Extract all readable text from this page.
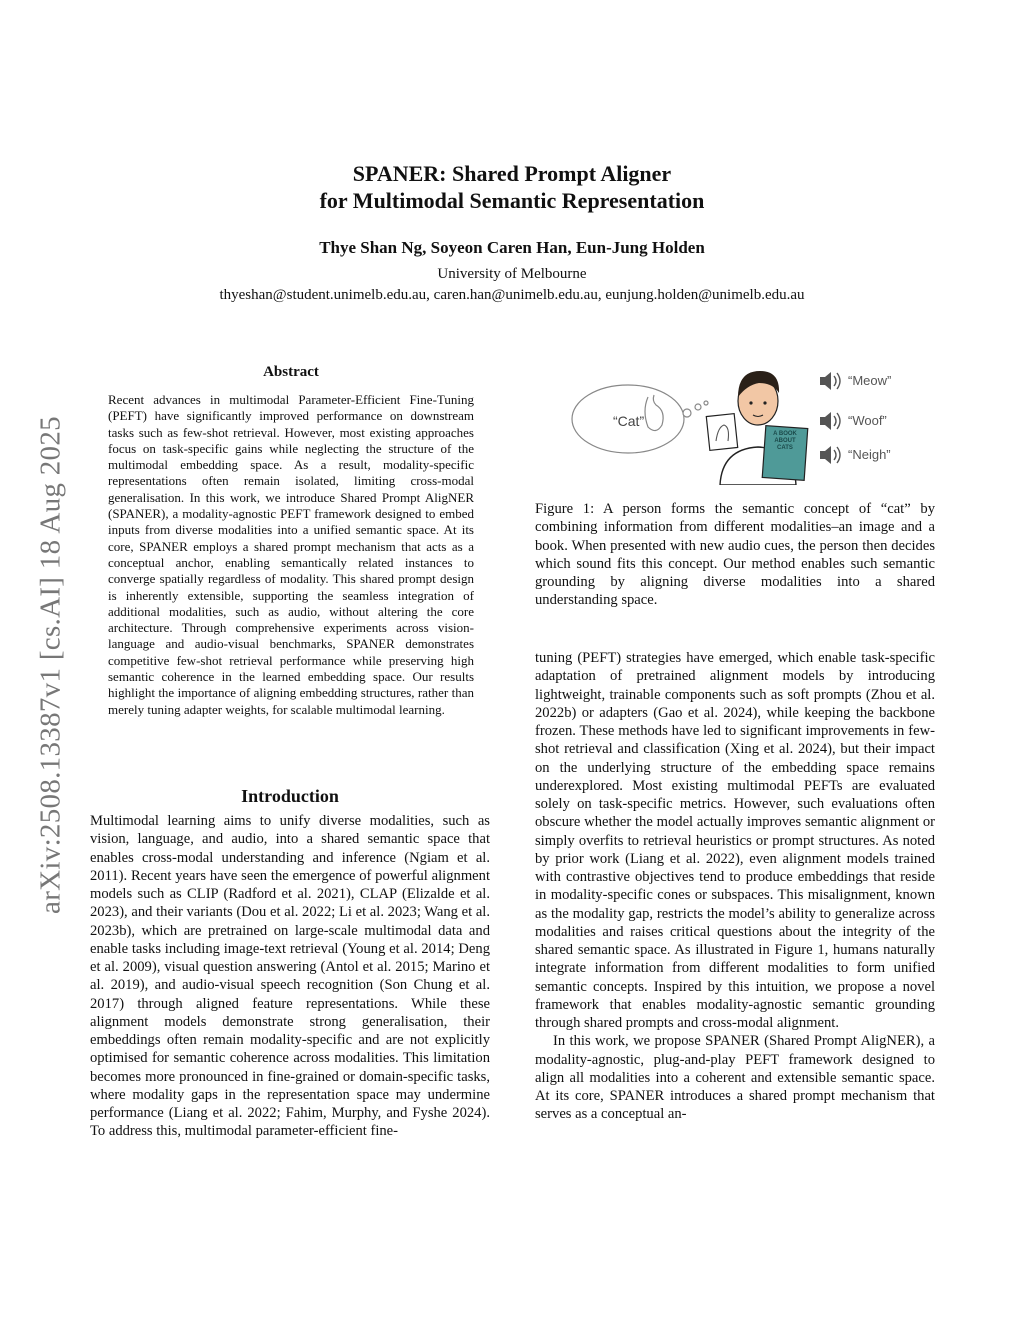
arXiv:2508.13387v1 [cs.AI] 18 Aug 2025
SPANER: Shared Prompt Aligner
for Multimodal Semantic Representation
Thye Shan Ng, Soyeon Caren Han, Eun-Jung Holden
University of Melbourne
thyeshan@student.unimelb.edu.au, caren.han@unimelb.edu.au, eunjung.holden@unimelb.edu.au
Abstract
Recent advances in multimodal Parameter-Efficient Fine-Tuning (PEFT) have significantly improved performance on downstream tasks such as few-shot retrieval. However, most existing approaches focus on task-specific gains while neglecting the structure of the multimodal embedding space. As a result, modality-specific representations often remain isolated, limiting cross-modal generalisation. In this work, we introduce Shared Prompt AligNER (SPANER), a modality-agnostic PEFT framework designed to embed inputs from diverse modalities into a unified semantic space. At its core, SPANER employs a shared prompt mechanism that acts as a conceptual anchor, enabling semantically related instances to converge spatially regardless of modality. This shared prompt design is inherently extensible, supporting the seamless integration of additional modalities, such as audio, without altering the core architecture. Through comprehensive experiments across vision-language and audio-visual benchmarks, SPANER demonstrates competitive few-shot retrieval performance while preserving high semantic coherence in the learned embedding space. Our results highlight the importance of aligning embedding structures, rather than merely tuning adapter weights, for scalable multimodal learning.
Introduction
Multimodal learning aims to unify diverse modalities, such as vision, language, and audio, into a shared semantic space that enables cross-modal understanding and inference (Ngiam et al. 2011). Recent years have seen the emergence of powerful alignment models such as CLIP (Radford et al. 2021), CLAP (Elizalde et al. 2023), and their variants (Dou et al. 2022; Li et al. 2023; Wang et al. 2023b), which are pretrained on large-scale multimodal data and enable tasks including image-text retrieval (Young et al. 2014; Deng et al. 2009), visual question answering (Antol et al. 2015; Marino et al. 2019), and audio-visual speech recognition (Son Chung et al. 2017) through aligned feature representations. While these alignment models demonstrate strong generalisation, their embeddings often remain modality-specific and are not explicitly optimised for semantic coherence across modalities. This limitation becomes more pronounced in fine-grained or domain-specific tasks, where modality gaps in the representation space may undermine performance (Liang et al. 2022; Fahim, Murphy, and Fyshe 2024). To address this, multimodal parameter-efficient fine-
“Cat”
A BOOK ABOUT CATS
“Meow”
“Woof”
“Neigh”
Figure 1: A person forms the semantic concept of “cat” by combining information from different modalities–an image and a book. When presented with new audio cues, the person then decides which sound fits this concept. Our method enables such semantic grounding by aligning diverse modalities into a shared understanding space.

tuning (PEFT) strategies have emerged, which enable task-specific adaptation of pretrained alignment models by introducing lightweight, trainable components such as soft prompts (Zhou et al. 2022b) or adapters (Gao et al. 2024), while keeping the backbone frozen. These methods have led to significant improvements in few-shot retrieval and classification (Xing et al. 2024), but their impact on the underlying structure of the embedding space remains underexplored. Most existing multimodal PEFTs are evaluated solely on task-specific metrics. However, such evaluations often obscure whether the model actually improves semantic alignment or simply overfits to retrieval heuristics or prompt structures. As noted by prior work (Liang et al. 2022), even alignment models trained with contrastive objectives tend to produce embeddings that reside in modality-specific cones or subspaces. This misalignment, known as the modality gap, restricts the model’s ability to generalize across modalities and raises critical questions about the integrity of the shared semantic space. As illustrated in Figure 1, humans naturally integrate information from different modalities to form unified semantic concepts. Inspired by this intuition, we propose a novel framework that enables modality-agnostic semantic grounding through shared prompts and cross-modal alignment.

In this work, we propose SPANER (Shared Prompt AligNER), a modality-agnostic, plug-and-play PEFT framework designed to align all modalities into a coherent and extensible semantic space. At its core, SPANER introduces a shared prompt mechanism that serves as a conceptual an-
